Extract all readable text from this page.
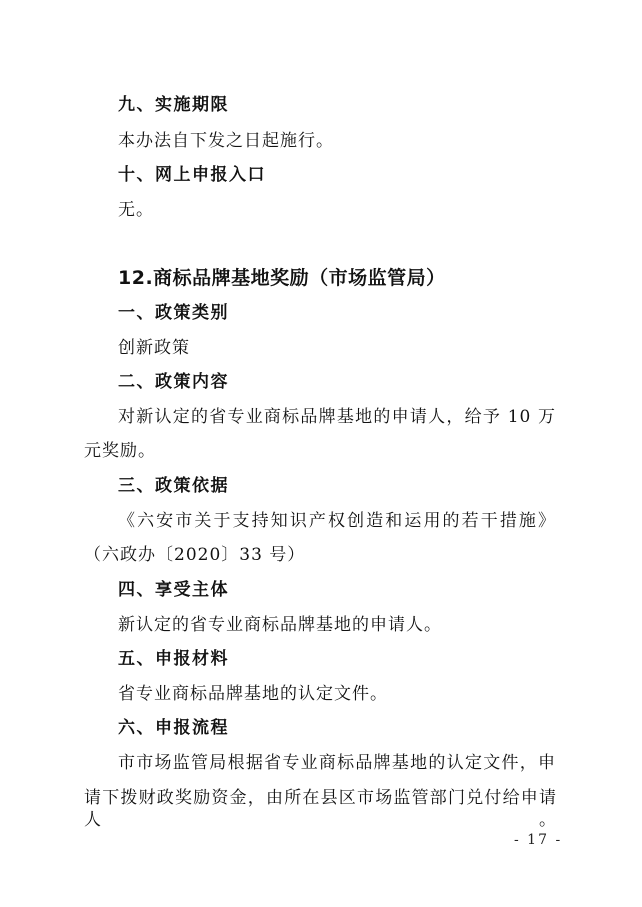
九、实施期限
本办法自下发之日起施行。
十、网上申报入口
无。
12.商标品牌基地奖励（市场监管局）
一、政策类别
创新政策
二、政策内容
对新认定的省专业商标品牌基地的申请人，给予 10 万
元奖励。
三、政策依据
《六安市关于支持知识产权创造和运用的若干措施》
（六政办〔2020〕33 号）
四、享受主体
新认定的省专业商标品牌基地的申请人。
五、申报材料
省专业商标品牌基地的认定文件。
六、申报流程
市市场监管局根据省专业商标品牌基地的认定文件，申
请下拨财政奖励资金，由所在县区市场监管部门兑付给申请人。
- 17 -
